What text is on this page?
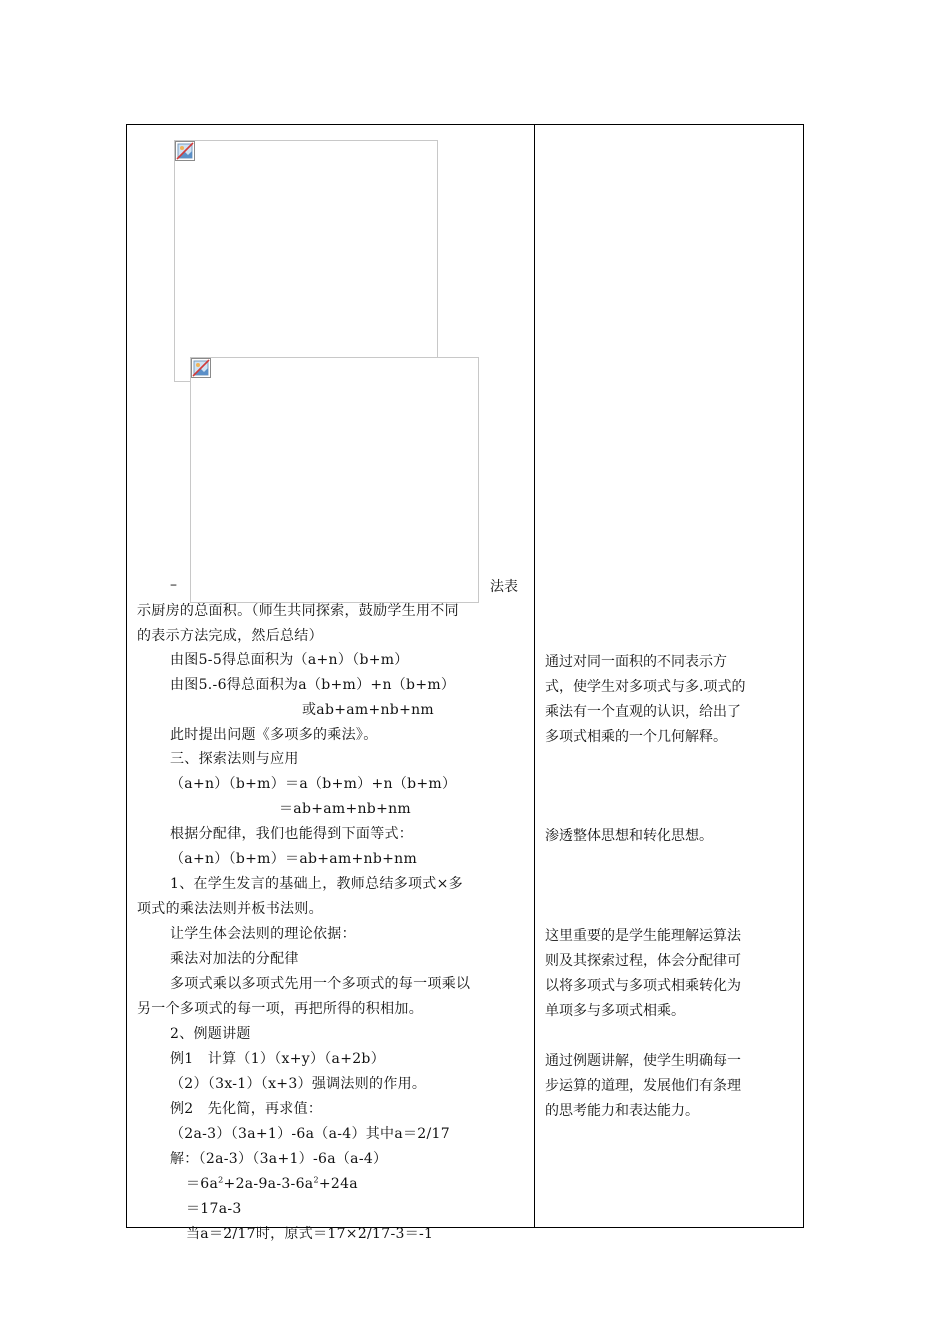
–	法表
示厨房的总面积。（师生共同探索，鼓励学生用不同
的表示方法完成，然后总结）
由图5-5得总面积为（a+n）（b+m）
由图5.-6得总面积为a（b+m）+n（b+m）
或ab+am+nb+nm
此时提出问题《多项多的乘法》。
三、探索法则与应用
（a+n）（b+m）＝a（b+m）+n（b+m）
＝ab+am+nb+nm
根据分配律，我们也能得到下面等式：
（a+n）（b+m）＝ab+am+nb+nm
1、在学生发言的基础上，教师总结多项式×多
项式的乘法法则并板书法则。
让学生体会法则的理论依据：
乘法对加法的分配律
多项式乘以多项式先用一个多项式的每一项乘以
另一个多项式的每一项，再把所得的积相加。
2、例题讲题
例1　计算（1）（x+y）（a+2b）
（2）（3x-1）（x+3）强调法则的作用。
例2　先化简，再求值：
（2a-3）（3a+1）-6a（a-4）其中a＝2/17
解：（2a-3）（3a+1）-6a（a-4）
$=6a^2+2a-9a-3-6a^2+24a$
＝17a-3
当a＝2/17时，原式＝17×2/17-3＝-1
通过对同一面积的不同表示方
式，使学生对多项式与多.项式的
乘法有一个直观的认识，给出了
多项式相乘的一个几何解释。
渗透整体思想和转化思想。
这里重要的是学生能理解运算法
则及其探索过程，体会分配律可
以将多项式与多项式相乘转化为
单项多与多项式相乘。
通过例题讲解，使学生明确每一
步运算的道理，发展他们有条理
的思考能力和表达能力。
